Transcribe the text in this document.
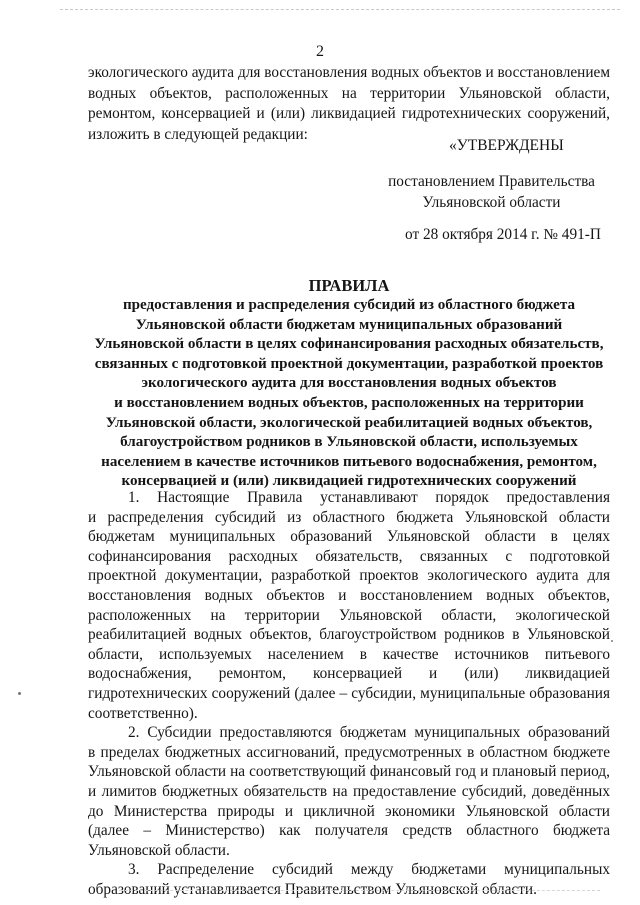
2
экологического аудита для восстановления водных объектов и восстановлением
водных объектов, расположенных на территории Ульяновской области,
ремонтом, консервацией и (или) ликвидацией гидротехнических сооружений,
изложить в следующей редакции:
«УТВЕРЖДЕНЫ
постановлением Правительства
Ульяновской области
от 28 октября 2014 г. № 491-П
ПРАВИЛА
предоставления и распределения субсидий из областного бюджета
Ульяновской области бюджетам муниципальных образований
Ульяновской области в целях софинансирования расходных обязательств,
связанных с подготовкой проектной документации, разработкой проектов
экологического аудита для восстановления водных объектов
и восстановлением водных объектов, расположенных на территории
Ульяновской области, экологической реабилитацией водных объектов,
благоустройством родников в Ульяновской области, используемых
населением в качестве источников питьевого водоснабжения, ремонтом,
консервацией и (или) ликвидацией гидротехнических сооружений
1. Настоящие Правила устанавливают порядок предоставления
и распределения субсидий из областного бюджета Ульяновской области
бюджетам муниципальных образований Ульяновской области в целях
софинансирования расходных обязательств, связанных с подготовкой
проектной документации, разработкой проектов экологического аудита для
восстановления водных объектов и восстановлением водных объектов,
расположенных на территории Ульяновской области, экологической
реабилитацией водных объектов, благоустройством родников в Ульяновской
области, используемых населением в качестве источников питьевого
водоснабжения, ремонтом, консервацией и (или) ликвидацией
гидротехнических сооружений (далее – субсидии, муниципальные образования
соответственно).
2. Субсидии предоставляются бюджетам муниципальных образований
в пределах бюджетных ассигнований, предусмотренных в областном бюджете
Ульяновской области на соответствующий финансовый год и плановый период,
и лимитов бюджетных обязательств на предоставление субсидий, доведённых
до Министерства природы и цикличной экономики Ульяновской области
(далее – Министерство) как получателя средств областного бюджета
Ульяновской области.
3. Распределение субсидий между бюджетами муниципальных
образований устанавливается Правительством Ульяновской области.
